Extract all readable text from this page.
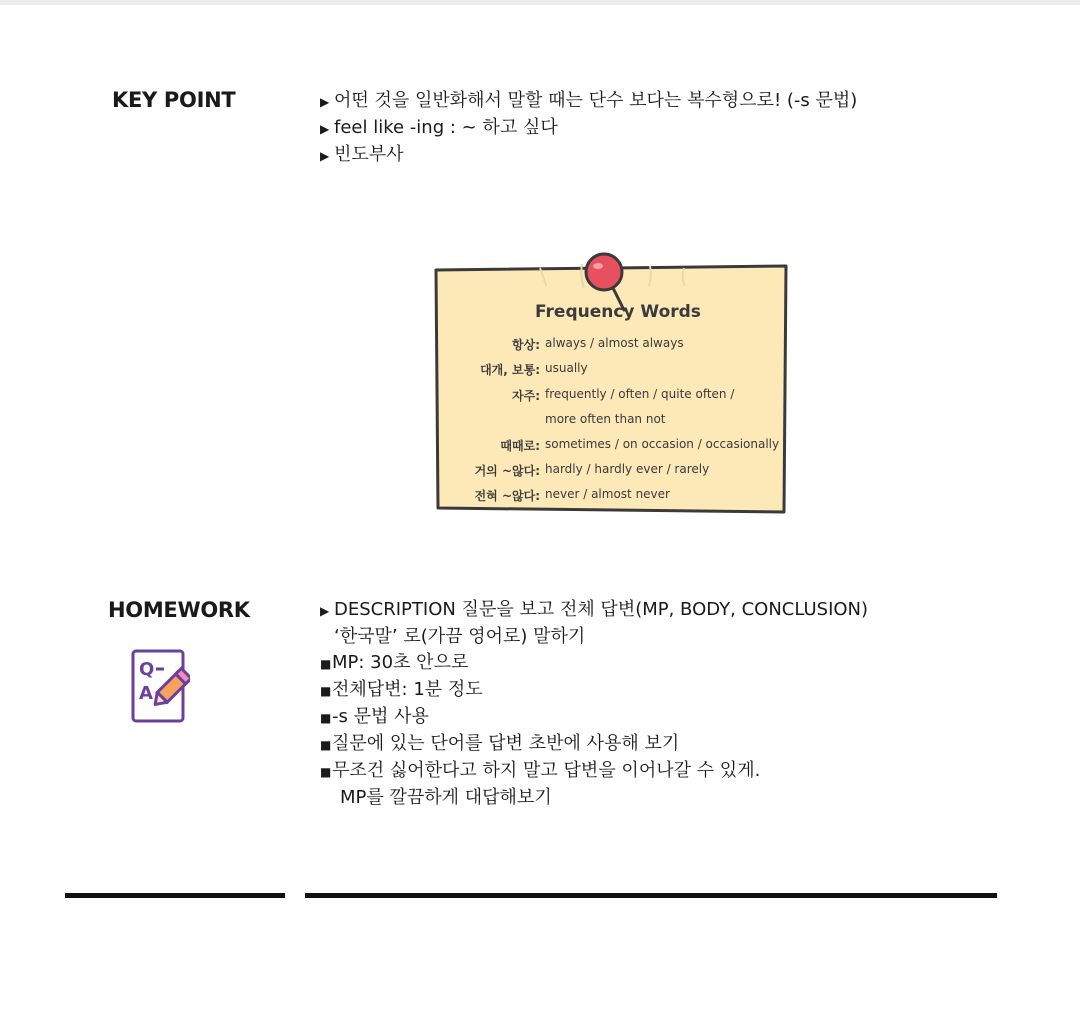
KEY POINT	▶ 어떤 것을 일반화해서 말할 때는 단수 보다는 복수형으로! (-s 문법)
▶ feel like -ing : ~ 하고 싶다
▶ 빈도부사
Frequency Words
항상: always / almost always
대개, 보통: usually
자주: frequently / often / quite often /
more often than not
때때로: sometimes / on occasion / occasionally
거의 ~않다: hardly / hardly ever / rarely
전혀 ~않다: never / almost never
HOMEWORK
Q
A
▶ DESCRIPTION 질문을 보고 전체 답변(MP, BODY, CONCLUSION)
‘한국말’ 로(가끔 영어로) 말하기
■MP: 30초 안으로
■전체답변: 1분 정도
■-s 문법 사용
■질문에 있는 단어를 답변 초반에 사용해 보기
■무조건 싫어한다고 하지 말고 답변을 이어나갈 수 있게.
MP를 깔끔하게 대답해보기
